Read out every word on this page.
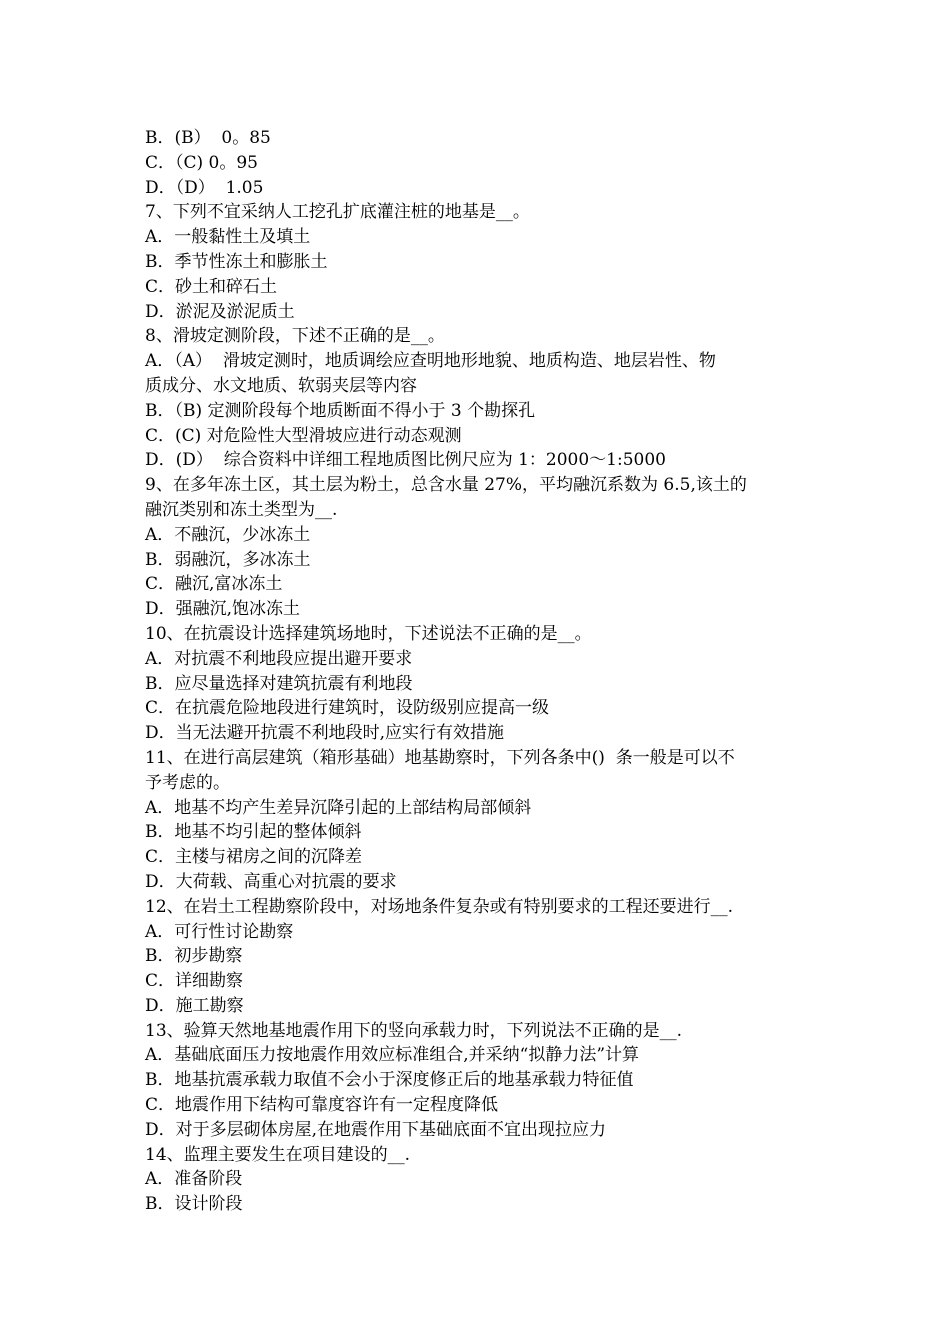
B．(B）  0。85
C．（C) 0。95
D．（D）  1.05
7、下列不宜采纳人工挖孔扩底灌注桩的地基是__。
A．一般黏性土及填土
B．季节性冻土和膨胀土
C．砂土和碎石土
D．淤泥及淤泥质土
8、滑坡定测阶段，下述不正确的是__。
A．（A）  滑坡定测时，地质调绘应查明地形地貌、地质构造、地层岩性、物
质成分、水文地质、软弱夹层等内容
B．（B) 定测阶段每个地质断面不得小于 3 个勘探孔
C．(C) 对危险性大型滑坡应进行动态观测
D．(D）  综合资料中详细工程地质图比例尺应为 1：2000～1:5000
9、在多年冻土区，其土层为粉土，总含水量 27%，平均融沉系数为 6.5,该土的
融沉类别和冻土类型为__.
A．不融沉，少冰冻土
B．弱融沉，多冰冻土
C．融沉,富冰冻土
D．强融沉,饱冰冻土
10、在抗震设计选择建筑场地时，下述说法不正确的是__。
A．对抗震不利地段应提出避开要求
B．应尽量选择对建筑抗震有利地段
C．在抗震危险地段进行建筑时，设防级别应提高一级
D．当无法避开抗震不利地段时,应实行有效措施
11、在进行高层建筑（箱形基础）地基勘察时，下列各条中()  条一般是可以不
予考虑的。
A．地基不均产生差异沉降引起的上部结构局部倾斜
B．地基不均引起的整体倾斜
C．主楼与裙房之间的沉降差
D．大荷载、高重心对抗震的要求
12、在岩土工程勘察阶段中，对场地条件复杂或有特别要求的工程还要进行__.
A．可行性讨论勘察
B．初步勘察
C．详细勘察
D．施工勘察
13、验算天然地基地震作用下的竖向承载力时，下列说法不正确的是__.
A．基础底面压力按地震作用效应标准组合,并采纳“拟静力法”计算
B．地基抗震承载力取值不会小于深度修正后的地基承载力特征值
C．地震作用下结构可靠度容许有一定程度降低
D．对于多层砌体房屋,在地震作用下基础底面不宜出现拉应力
14、监理主要发生在项目建设的__.
A．准备阶段
B．设计阶段
